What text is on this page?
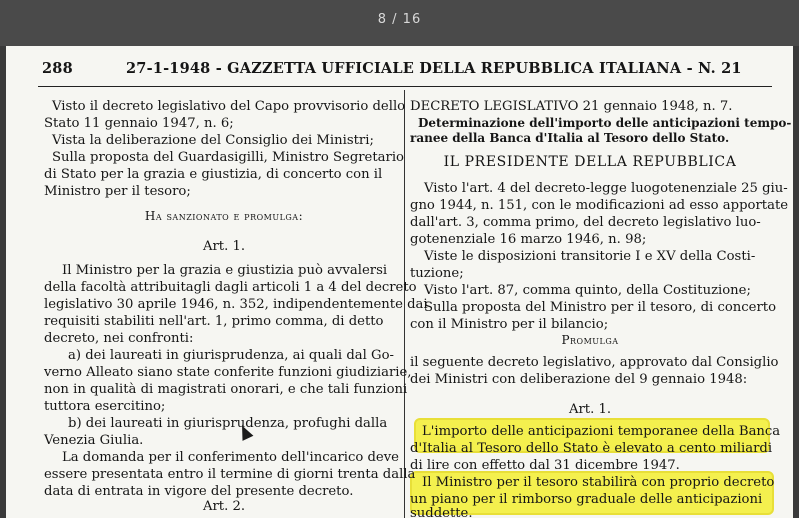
8 / 16
288	27-1-1948 - GAZZETTA UFFICIALE DELLA REPUBBLICA ITALIANA - N. 21
Visto il decreto legislativo del Capo provvisorio dello
Stato 11 gennaio 1947, n. 6;
Vista la deliberazione del Consiglio dei Ministri;
Sulla proposta del Guardasigilli, Ministro Segretario
di Stato per la grazia e giustizia, di concerto con il
Ministro per il tesoro;
Ha sanzionato e promulga:
Art. 1.
Il Ministro per la grazia e giustizia può avvalersi
della facoltà attribuitagli dagli articoli 1 a 4 del decreto
legislativo 30 aprile 1946, n. 352, indipendentemente dai
requisiti stabiliti nell'art. 1, primo comma, di detto
decreto, nei confronti:
a) dei laureati in giurisprudenza, ai quali dal Go-
verno Alleato siano state conferite funzioni giudiziarie,
non in qualità di magistrati onorari, e che tali funzioni
tuttora esercitino;
b) dei laureati in giurisprudenza, profughi dalla
Venezia Giulia.
La domanda per il conferimento dell'incarico deve
essere presentata entro il termine di giorni trenta dalla
data di entrata in vigore del presente decreto.
Art. 2.
DECRETO LEGISLATIVO 21 gennaio 1948, n. 7.
Determinazione dell'importo delle anticipazioni tempo-
ranee della Banca d'Italia al Tesoro dello Stato.
IL PRESIDENTE DELLA REPUBBLICA
Visto l'art. 4 del decreto-legge luogotenenziale 25 giu-
gno 1944, n. 151, con le modificazioni ad esso apportate
dall'art. 3, comma primo, del decreto legislativo luo-
gotenenziale 16 marzo 1946, n. 98;
Viste le disposizioni transitorie I e XV della Costi-
tuzione;
Visto l'art. 87, comma quinto, della Costituzione;
Sulla proposta del Ministro per il tesoro, di concerto
con il Ministro per il bilancio;
Promulga
il seguente decreto legislativo, approvato dal Consiglio
dei Ministri con deliberazione del 9 gennaio 1948:
Art. 1.
L'importo delle anticipazioni temporanee della Banca
d'Italia al Tesoro dello Stato è elevato a cento miliardi
di lire con effetto dal 31 dicembre 1947.
Il Ministro per il tesoro stabilirà con proprio decreto
un piano per il rimborso graduale delle anticipazioni
suddette.
